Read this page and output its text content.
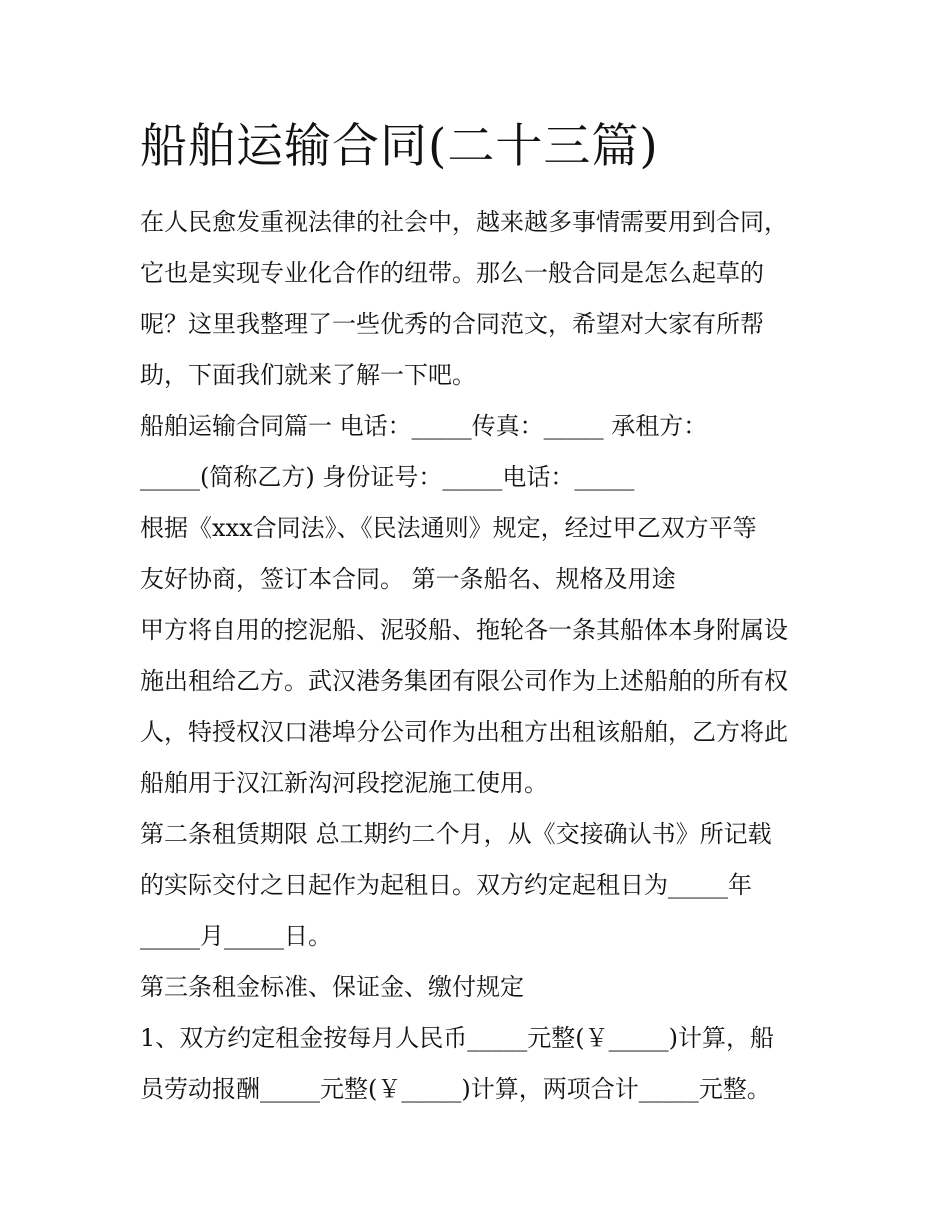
船舶运输合同(二十三篇)
在人民愈发重视法律的社会中，越来越多事情需要用到合同，
它也是实现专业化合作的纽带。那么一般合同是怎么起草的
呢？这里我整理了一些优秀的合同范文，希望对大家有所帮
助，下面我们就来了解一下吧。
船舶运输合同篇一 电话：_____传真：_____ 承租方：
_____(简称乙方) 身份证号：_____电话：_____
根据《xxx合同法》、《民法通则》规定，经过甲乙双方平等
友好协商，签订本合同。 第一条船名、规格及用途
甲方将自用的挖泥船、泥驳船、拖轮各一条其船体本身附属设
施出租给乙方。武汉港务集团有限公司作为上述船舶的所有权
人，特授权汉口港埠分公司作为出租方出租该船舶，乙方将此
船舶用于汉江新沟河段挖泥施工使用。
第二条租赁期限 总工期约二个月，从《交接确认书》所记载
的实际交付之日起作为起租日。双方约定起租日为_____年
_____月_____日。
第三条租金标准、保证金、缴付规定
1、双方约定租金按每月人民币_____元整(￥_____)计算，船
员劳动报酬_____元整(￥_____)计算，两项合计_____元整。
